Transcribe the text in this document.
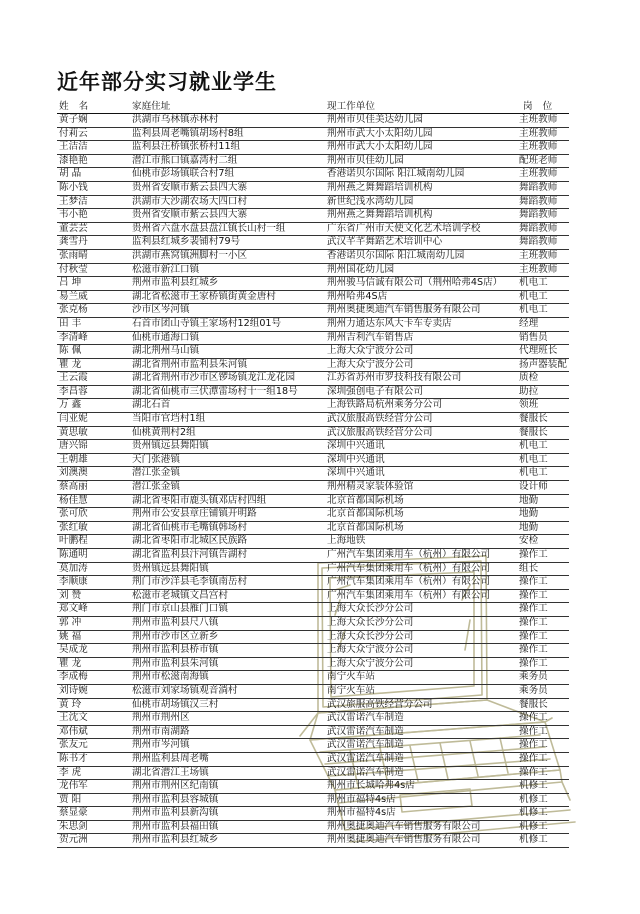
近年部分实习就业学生
姓名	家庭住址	现工作单位	岗位
黄子娴	洪湖市乌林镇赤林村	荆州市贝佳美达幼儿园	主班教师
付莉云	监利县周老嘴镇胡场村8组	荆州市武大小太阳幼儿园	主班教师
王洁洁	监利县汪桥镇张桥村11组	荆州市武大小太阳幼儿园	主班教师
漆艳艳	潜江市熊口镇嘉湾村二组	荆州市贝佳幼儿园	配班老师
胡 晶	仙桃市彭场镇联合村7组	香港诺贝尔国际 阳江城南幼儿园	主班教师
陈小钱	贵州省安顺市紫云县四大寨	荆州燕之舞舞蹈培训机构	舞蹈教师
王梦洁	洪湖市大沙湖农场大四口村	新世纪浅水湾幼儿园	舞蹈教师
韦小艳	贵州省安顺市紫云县四大寨	荆州燕之舞舞蹈培训机构	舞蹈教师
董芸芸	贵州省六盘水盘县盘江镇长山村一组	广东省广州市天使文化艺术培训学校	舞蹈教师
龚雪丹	监利县红城乡裴铺村79号	武汉芊芊舞蹈艺术培训中心	舞蹈教师
张雨晴	洪湖市燕窝镇洲脚村一小区	香港诺贝尔国际 阳江城南幼儿园	主班教师
付秋莹	松滋市新江口镇	荆州国花幼儿园	主班教师
吕 坤	荆州市监利县红城乡	荆州骏马信诚有限公司（荆州哈弗4S店）	机电工
易兰威	湖北省松滋市王家桥镇街黄金唐村	荆州哈弗4S店	机电工
张克杨	沙市区岑河镇	荆州奥捷奥迪汽车销售服务有限公司	机电工
田 丰	石首市团山寺镇王家场村12组01号	荆州力通达东风大卡车专卖店	经理
李清峰	仙桃市通海口镇	荆州吉利汽车销售店	销售员
陈 佩	湖北荆州马山镇	上海大众宁波分公司	代理班长
瞿 龙	湖北省荆州市监利县朱河镇	上海大众宁波分公司	扬声器装配
王云霞	湖北省荆州市沙市区锣场镇龙江龙花园	江苏省苏州市罗技科技有限公司	质检
李昌蓉	湖北省仙桃市三伏潭雷场村十一组18号	深圳强创电子有限公司	助拉
万 鑫	湖北石首	上海铁路局杭州乘务分公司	领班
闫亚妮	当阳市官垱村1组	武汉旅服高铁经营分公司	餐服长
黄思敏	仙桃黄荆村2组	武汉旅服高铁经营分公司	餐服长
唐兴锦	贵州镇远县舞阳镇	深圳中兴通讯	机电工
王朝雄	天门张港镇	深圳中兴通讯	机电工
刘澳澳	潜江张金镇	深圳中兴通讯	机电工
蔡高丽	潜江张金镇	荆州精灵家装体验馆	设计师
杨佳慧	湖北省枣阳市鹿头镇邓店村四组	北京首都国际机场	地勤
张可欣	荆州市公安县章庄铺镇开明路	北京首都国际机场	地勤
张红敏	湖北省仙桃市毛嘴镇韩场村	北京首都国际机场	地勤
叶鹏程	湖北省枣阳市北城区民族路	上海地铁	安检
陈通明	湖北省监利县汴河镇告湖村	广州汽车集团乘用车（杭州）有限公司	操作工
莫加涛	贵州镇远县舞阳镇	广州汽车集团乘用车（杭州）有限公司	组长
李顺康	荆门市沙洋县毛李镇南岳村	广州汽车集团乘用车（杭州）有限公司	操作工
刘 赞	松滋市老城镇文昌宫村	广州汽车集团乘用车（杭州）有限公司	操作工
郑文峰	荆门市京山县雁门口镇	上海大众长沙分公司	操作工
郭 冲	荆州市监利县尺八镇	上海大众长沙分公司	操作工
姚 福	荆州市沙市区立新乡	上海大众长沙分公司	操作工
吴成龙	荆州市监利县桥市镇	上海大众宁波分公司	操作工
瞿 龙	荆州市监利县朱河镇	上海大众宁波分公司	操作工
李成梅	荆州市松滋南海镇	南宁火车站	乘务员
刘诗婉	松滋市刘家场镇观音淌村	南宁火车站	乘务员
黄 玲	仙桃市胡场镇汉三村	武汉旅服高铁经营分公司	餐服长
王沈文	荆州市荆州区	武汉雷诺汽车制造	操作工
邓伟斌	荆州市南湖路	武汉雷诺汽车制造	操作工
张友元	荆州市岑河镇	武汉雷诺汽车制造	操作工
陈书才	荆州监利县周老嘴	武汉雷诺汽车制造	操作工
李 虎	湖北省潜江王场镇	武汉雷诺汽车制造	操作工
龙伟军	荆州市荆州区纪南镇	荆州市长城哈弗4s店	机修工
贾 阳	荆州市监利县容城镇	荆州市福特4s店	机修工
蔡显豪	荆州市监利县新沟镇	荆州市福特4s店	机修工
朱思剑	荆州市监利县福田镇	荆州奥捷奥迪汽车销售服务有限公司	机修工
贺元洲	荆州市监利县红城乡	荆州奥捷奥迪汽车销售服务有限公司	机修工
